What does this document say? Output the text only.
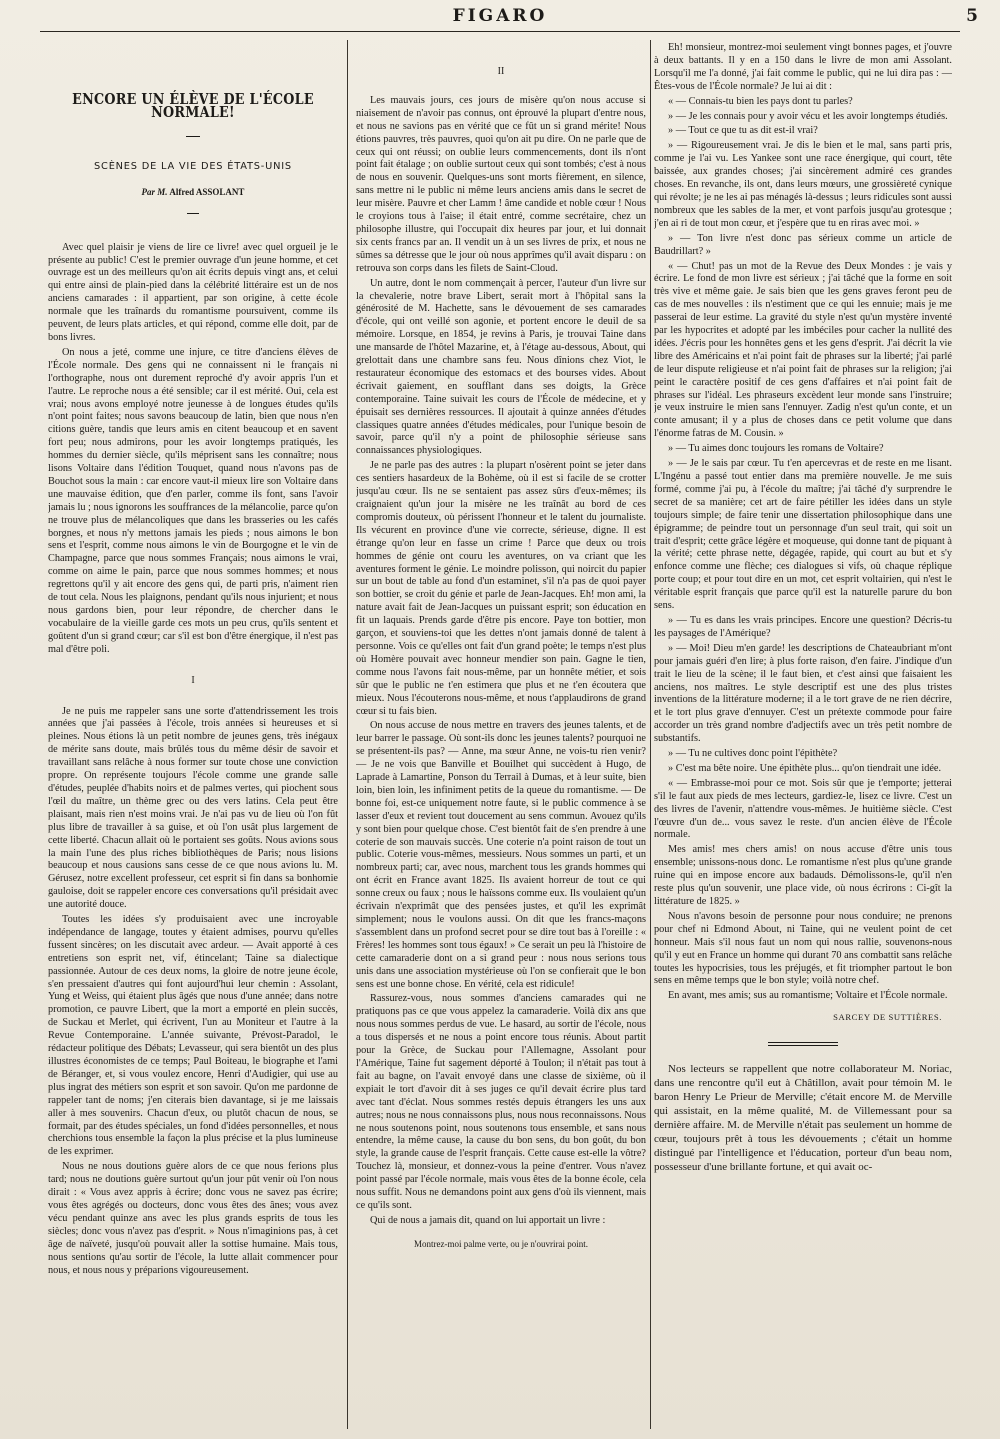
FIGARO	5
ENCORE UN ÉLÈVE DE L'ÉCOLE NORMALE!
SCÈNES DE LA VIE DES ÉTATS-UNIS
Par M. Alfred ASSOLANT

Avec quel plaisir je viens de lire ce livre! avec quel orgueil je le présente au public! C'est le premier ouvrage d'un jeune homme, et cet ouvrage est un des meilleurs qu'on ait écrits depuis vingt ans, et celui qui entre ainsi de plain-pied dans la célébrité littéraire est un de nos anciens camarades : il appartient, par son origine, à cette école normale que les traînards du romantisme poursuivent, comme ils peuvent, de leurs plats articles, et qui répond, comme elle doit, par de bons livres.

On nous a jeté, comme une injure, ce titre d'anciens élèves de l'École normale. Des gens qui ne connaissent ni le français ni l'orthographe, nous ont durement reproché d'y avoir appris l'un et l'autre. Le reproche nous a été sensible; car il est mérité. Oui, cela est vrai; nous avons employé notre jeunesse à de longues études qu'ils n'ont point faites; nous savons beaucoup de latin, bien que nous n'en citions guère, tandis que leurs amis en citent beaucoup et en savent fort peu; nous admirons, pour les avoir longtemps pratiqués, les hommes du dernier siècle, qu'ils méprisent sans les connaître; nous lisons Voltaire dans l'édition Touquet, quand nous n'avons pas de Bouchot sous la main : car encore vaut-il mieux lire son Voltaire dans une mauvaise édition, que d'en parler, comme ils font, sans l'avoir jamais lu ; nous ignorons les souffrances de la mélancolie, parce qu'on ne trouve plus de mélancoliques que dans les brasseries ou les cafés borgnes, et nous n'y mettons jamais les pieds ; nous aimons le bon sens et l'esprit, comme nous aimons le vin de Bourgogne et le vin de Champagne, parce que nous sommes Français; nous aimons le vrai, comme on aime le pain, parce que nous sommes hommes; et nous regrettons qu'il y ait encore des gens qui, de parti pris, n'aiment rien de tout cela. Nous les plaignons, pendant qu'ils nous injurient; et nous nous gardons bien, pour leur répondre, de chercher dans le vocabulaire de la vieille garde ces mots un peu crus, qu'ils sentent et goûtent d'un si grand cœur; car s'il est bon d'être énergique, il n'est pas mal d'être poli.

I

Je ne puis me rappeler sans une sorte d'attendrissement les trois années que j'ai passées à l'école, trois années si heureuses et si pleines. Nous étions là un petit nombre de jeunes gens, très inégaux de mérite sans doute, mais brûlés tous du même désir de savoir et travaillant sans relâche à nous former sur toute chose une conviction propre. On représente toujours l'école comme une grande salle d'études, peuplée d'habits noirs et de palmes vertes, qui piochent sous l'œil du maître, un thème grec ou des vers latins. Cela peut être plaisant, mais rien n'est moins vrai. Je n'ai pas vu de lieu où l'on fût plus libre de travailler à sa guise, et où l'on usât plus largement de cette liberté. Chacun allait où le portaient ses goûts. Nous avions sous la main l'une des plus riches bibliothèques de Paris; nous lisions beaucoup et nous causions sans cesse de ce que nous avions lu. M. Gérusez, notre excellent professeur, cet esprit si fin dans sa bonhomie gauloise, doit se rappeler encore ces conversations qu'il présidait avec une autorité douce.

Toutes les idées s'y produisaient avec une incroyable indépendance de langage, toutes y étaient admises, pourvu qu'elles fussent sincères; on les discutait avec ardeur. — Avait apporté à ces entretiens son esprit net, vif, étincelant; Taine sa dialectique passionnée. Autour de ces deux noms, la gloire de notre jeune école, s'en pressaient d'autres qui font aujourd'hui leur chemin : Assolant, Yung et Weiss, qui étaient plus âgés que nous d'une année; dans notre promotion, ce pauvre Libert, que la mort a emporté en plein succès, de Suckau et Merlet, qui écrivent, l'un au Moniteur et l'autre à la Revue Contemporaine. L'année suivante, Prévost-Paradol, le rédacteur politique des Débats; Levasseur, qui sera bientôt un des plus illustres économistes de ce temps; Paul Boiteau, le biographe et l'ami de Béranger, et, si vous voulez encore, Henri d'Audigier, qui use au plus ingrat des métiers son esprit et son savoir. Qu'on me pardonne de rappeler tant de noms; j'en citerais bien davantage, si je me laissais aller à mes souvenirs. Chacun d'eux, ou plutôt chacun de nous, se formait, par des études spéciales, un fond d'idées personnelles, et nous cherchions tous ensemble la façon la plus précise et la plus lumineuse de les exprimer.

Nous ne nous doutions guère alors de ce que nous ferions plus tard; nous ne doutions guère surtout qu'un jour pût venir où l'on nous dirait : « Vous avez appris à écrire; donc vous ne savez pas écrire; vous êtes agrégés ou docteurs, donc vous êtes des ânes; vous avez vécu pendant quinze ans avec les plus grands esprits de tous les siècles; donc vous n'avez pas d'esprit. » Nous n'imaginions pas, à cet âge de naïveté, jusqu'où pouvait aller la sottise humaine. Mais tous, nous sentions qu'au sortir de l'école, la lutte allait commencer pour nous, et nous nous y préparions vigoureusement.

II

Les mauvais jours, ces jours de misère qu'on nous accuse si niaisement de n'avoir pas connus, ont éprouvé la plupart d'entre nous, et nous ne savions pas en vérité que ce fût un si grand mérite! Nous étions pauvres, très pauvres, quoi qu'on ait pu dire. On ne parle que de ceux qui ont réussi; on oublie leurs commencements, dont ils n'ont point fait étalage ; on oublie surtout ceux qui sont tombés; c'est à nous de nous en souvenir. Quelques-uns sont morts fièrement, en silence, sans mettre ni le public ni même leurs anciens amis dans le secret de leur misère. Pauvre et cher Lamm ! âme candide et noble cœur ! Nous le croyions tous à l'aise; il était entré, comme secrétaire, chez un philosophe illustre, qui l'occupait dix heures par jour, et lui donnait six cents francs par an. Il vendit un à un ses livres de prix, et nous ne sûmes sa détresse que le jour où nous apprîmes qu'il avait disparu : on retrouva son corps dans les filets de Saint-Cloud.

Un autre, dont le nom commençait à percer, l'auteur d'un livre sur la chevalerie, notre brave Libert, serait mort à l'hôpital sans la générosité de M. Hachette, sans le dévouement de ses camarades d'école, qui ont veillé son agonie, et portent encore le deuil de sa mémoire. Lorsque, en 1854, je revins à Paris, je trouvai Taine dans une mansarde de l'hôtel Mazarine, et, à l'étage au-dessous, About, qui grelottait dans une chambre sans feu. Nous dînions chez Viot, le restaurateur économique des estomacs et des bourses vides. About écrivait gaiement, en soufflant dans ses doigts, la Grèce contemporaine. Taine suivait les cours de l'École de médecine, et y épuisait ses dernières ressources. Il ajoutait à quinze années d'études classiques quatre années d'études médicales, pour l'unique besoin de savoir, parce qu'il n'y a point de philosophie sérieuse sans connaissances physiologiques.

Je ne parle pas des autres : la plupart n'osèrent point se jeter dans ces sentiers hasardeux de la Bohème, où il est si facile de se crotter jusqu'au cœur. Ils ne se sentaient pas assez sûrs d'eux-mêmes; ils craignaient qu'un jour la misère ne les traînât au bord de ces compromis douteux, où périssent l'honneur et le talent du journaliste. Ils vécurent en province d'une vie correcte, sérieuse, digne. Il est étrange qu'on leur en fasse un crime ! Parce que deux ou trois hommes de génie ont couru les aventures, on va criant que les aventures forment le génie. Le moindre polisson, qui noircit du papier sur un bout de table au fond d'un estaminet, s'il n'a pas de quoi payer son bottier, se croit du génie et parle de Jean-Jacques. Eh! mon ami, la nature avait fait de Jean-Jacques un puissant esprit; son éducation en fit un laquais. Prends garde d'être pis encore. Paye ton bottier, mon garçon, et souviens-toi que les dettes n'ont jamais donné de talent à personne. Vois ce qu'elles ont fait d'un grand poète; le temps n'est plus où Homère pouvait avec honneur mendier son pain. Gagne le tien, comme nous l'avons fait nous-même, par un honnête métier, et sois sûr que le public ne t'en estimera que plus et ne t'en écoutera que mieux. Nous l'écouterons nous-même, et nous t'applaudirons de grand cœur si tu fais bien.

On nous accuse de nous mettre en travers des jeunes talents, et de leur barrer le passage. Où sont-ils donc les jeunes talents? pourquoi ne se présentent-ils pas? — Anne, ma sœur Anne, ne vois-tu rien venir? — Je ne vois que Banville et Bouilhet qui succèdent à Hugo, de Laprade à Lamartine, Ponson du Terrail à Dumas, et à leur suite, bien loin, bien loin, les infiniment petits de la queue du romantisme. — De bonne foi, est-ce uniquement notre faute, si le public commence à se lasser d'eux et revient tout doucement au sens commun. Avouez qu'ils y sont bien pour quelque chose. C'est bientôt fait de s'en prendre à une coterie de son mauvais succès. Une coterie n'a point raison de tout un public. Coterie vous-mêmes, messieurs. Nous sommes un parti, et un nombreux parti; car, avec nous, marchent tous les grands hommes qui ont écrit en France avant 1825. Ils avaient horreur de tout ce qui sonne creux ou faux ; nous le haïssons comme eux. Ils voulaient qu'un écrivain n'exprimât que des pensées justes, et qu'il les exprimât simplement; nous le voulons aussi. On dit que les francs-maçons s'assemblent dans un profond secret pour se dire tout bas à l'oreille : « Frères! les hommes sont tous égaux! » Ce serait un peu là l'histoire de cette camaraderie dont on a si grand peur : nous nous serions tous unis dans une association mystérieuse où l'on se confierait que le bon sens est une bonne chose. En vérité, cela est ridicule!

Rassurez-vous, nous sommes d'anciens camarades qui ne pratiquons pas ce que vous appelez la camaraderie. Voilà dix ans que nous nous sommes perdus de vue. Le hasard, au sortir de l'école, nous a tous dispersés et ne nous a point encore tous réunis. About partit pour la Grèce, de Suckau pour l'Allemagne, Assolant pour l'Amérique, Taine fut sagement déporté à Toulon; il n'était pas tout à fait au bagne, on l'avait envoyé dans une classe de sixième, où il expiait le tort d'avoir dit à ses juges ce qu'il devait écrire plus tard avec tant d'éclat. Nous sommes restés depuis étrangers les uns aux autres; nous ne nous connaissons plus, nous nous reconnaissons. Nous ne nous soutenons point, nous soutenons tous ensemble, et sans nous entendre, la même cause, la cause du bon sens, du bon goût, du bon style, la grande cause de l'esprit français. Cette cause est-elle la vôtre? Touchez là, monsieur, et donnez-vous la peine d'entrer. Vous n'avez point passé par l'école normale, mais vous êtes de la bonne école, cela nous suffit. Nous ne demandons point aux gens d'où ils viennent, mais ce qu'ils sont.

Qui de nous a jamais dit, quand on lui apportait un livre :

Montrez-moi palme verte, ou je n'ouvrirai point.

Eh! monsieur, montrez-moi seulement vingt bonnes pages, et j'ouvre à deux battants. Il y en a 150 dans le livre de mon ami Assolant. Lorsqu'il me l'a donné, j'ai fait comme le public, qui ne lui dira pas : — Êtes-vous de l'École normale? Je lui ai dit :

« — Connais-tu bien les pays dont tu parles?

» — Je les connais pour y avoir vécu et les avoir longtemps étudiés.

» — Tout ce que tu as dit est-il vrai?

» — Rigoureusement vrai. Je dis le bien et le mal, sans parti pris, comme je l'ai vu. Les Yankee sont une race énergique, qui court, tête baissée, aux grandes choses; j'ai sincèrement admiré ces grandes choses. En revanche, ils ont, dans leurs mœurs, une grossièreté cynique qui révolte; je ne les ai pas ménagés là-dessus ; leurs ridicules sont aussi nombreux que les sables de la mer, et vont parfois jusqu'au grotesque ; j'en ai ri de tout mon cœur, et j'espère que tu en riras avec moi. »

» — Ton livre n'est donc pas sérieux comme un article de Baudrillart? »

« — Chut! pas un mot de la Revue des Deux Mondes : je vais y écrire. Le fond de mon livre est sérieux ; j'ai tâché que la forme en soit très vive et même gaie. Je sais bien que les gens graves feront peu de cas de mes nouvelles : ils n'estiment que ce qui les ennuie; mais je me passerai de leur estime. La gravité du style n'est qu'un mystère inventé par les hypocrites et adopté par les imbéciles pour cacher la nullité des idées. J'écris pour les honnêtes gens et les gens d'esprit. J'ai décrit la vie libre des Américains et n'ai point fait de phrases sur la liberté; j'ai parlé de leur dispute religieuse et n'ai point fait de phrases sur la religion; j'ai peint le caractère positif de ces gens d'affaires et n'ai point fait de phrases sur l'idéal. Les phraseurs excèdent leur monde sans l'instruire; je veux instruire le mien sans l'ennuyer. Zadig n'est qu'un conte, et un conte amusant; il y a plus de choses dans ce petit volume que dans l'énorme fatras de M. Cousin. »

» — Tu aimes donc toujours les romans de Voltaire?

» — Je le sais par cœur. Tu t'en apercevras et de reste en me lisant. L'Ingénu a passé tout entier dans ma première nouvelle. Je me suis formé, comme j'ai pu, à l'école du maître; j'ai tâché d'y surprendre le secret de sa manière; cet art de faire pétiller les idées dans un style toujours simple; de faire tenir une dissertation philosophique dans une épigramme; de peindre tout un personnage d'un seul trait, qui soit un trait d'esprit; cette grâce légère et moqueuse, qui donne tant de piquant à la vérité; cette phrase nette, dégagée, rapide, qui court au but et s'y enfonce comme une flèche; ces dialogues si vifs, où chaque réplique porte coup; et pour tout dire en un mot, cet esprit voltairien, qui n'est le véritable esprit français que parce qu'il est la naturelle parure du bon sens.

» — Tu es dans les vrais principes. Encore une question? Décris-tu les paysages de l'Amérique?

» — Moi! Dieu m'en garde! les descriptions de Chateaubriant m'ont pour jamais guéri d'en lire; à plus forte raison, d'en faire. J'indique d'un trait le lieu de la scène; il le faut bien, et c'est ainsi que faisaient les anciens, nos maîtres. Le style descriptif est une des plus tristes inventions de la littérature moderne; il a le tort grave de ne rien décrire, et le tort plus grave d'ennuyer. C'est un prétexte commode pour faire accorder un très grand nombre d'adjectifs avec un très petit nombre de substantifs.

» — Tu ne cultives donc point l'épithète?

» C'est ma bête noire. Une épithète plus... qu'on tiendrait une idée.

« — Embrasse-moi pour ce mot. Sois sûr que je t'emporte; jetterai s'il le faut aux pieds de mes lecteurs, gardiez-le, lisez ce livre. C'est un des livres de l'avenir, n'attendre vous-mêmes. Je huitième siècle. C'est l'œuvre d'un de... vous savez le reste. d'un ancien élève de l'École normale.

Mes amis! mes chers amis! on nous accuse d'être unis tous ensemble; unissons-nous donc. Le romantisme n'est plus qu'une grande ruine qui en impose encore aux badauds. Démolissons-le, qu'il n'en reste plus qu'un souvenir, une place vide, où nous écrirons : Ci-gît la littérature de 1825. »

Nous n'avons besoin de personne pour nous conduire; ne prenons pour chef ni Edmond About, ni Taine, qui ne veulent point de cet honneur. Mais s'il nous faut un nom qui nous rallie, souvenons-nous qu'il y eut en France un homme qui durant 70 ans combattit sans relâche toutes les hypocrisies, tous les préjugés, et fit triompher partout le bon sens en même temps que le bon style; voilà notre chef.

En avant, mes amis; sus au romantisme; Voltaire et l'École normale.

SARCEY DE SUTTIÈRES.

Nos lecteurs se rappellent que notre collaborateur M. Noriac, dans une rencontre qu'il eut à Châtillon, avait pour témoin M. le baron Henry Le Prieur de Merville; c'était encore M. de Merville qui assistait, en la même qualité, M. de Villemessant pour sa dernière affaire. M. de Merville n'était pas seulement un homme de cœur, toujours prêt à tous les dévouements ; c'était un homme distingué par l'intelligence et l'éducation, porteur d'un beau nom, possesseur d'une brillante fortune, et qui avait oc-
